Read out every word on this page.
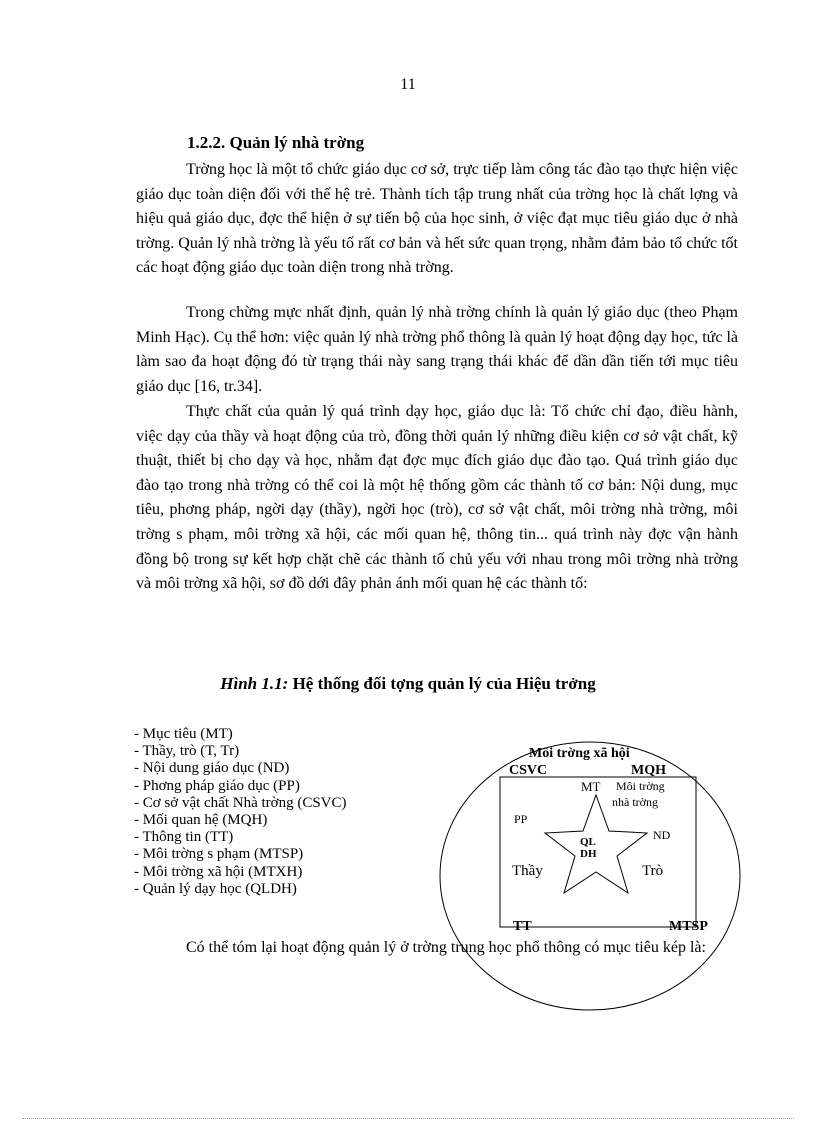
11
1.2.2. Quản lý nhà trờng

Trờng học là một tổ chức giáo dục cơ sở, trực tiếp làm công tác đào tạo thực hiện việc giáo dục toàn diện đối với thế hệ trẻ. Thành tích tập trung nhất của trờng học là chất lợng và hiệu quả giáo dục, đợc thể hiện ở sự tiến bộ của học sinh, ở việc đạt mục tiêu giáo dục ở nhà trờng. Quản lý nhà trờng là yếu tố rất cơ bản và hết sức quan trọng, nhằm đảm bảo tổ chức tốt các hoạt động giáo dục toàn diện trong nhà trờng.

Trong chừng mực nhất định, quản lý nhà trờng chính là quản lý giáo dục (theo Phạm Minh Hạc). Cụ thể hơn: việc quản lý nhà trờng phổ thông là quản lý hoạt động dạy học, tức là làm sao đa hoạt động đó từ trạng thái này sang trạng thái khác để dần dần tiến tới mục tiêu giáo dục [16, tr.34].

Thực chất của quản lý quá trình dạy học, giáo dục là: Tổ chức chỉ đạo, điều hành, việc dạy của thầy và hoạt động của trò, đồng thời quản lý những điều kiện cơ sở vật chất, kỹ thuật, thiết bị cho dạy và học, nhằm đạt đợc mục đích giáo dục đào tạo. Quá trình giáo dục đào tạo trong nhà trờng có thể coi là một hệ thống gồm các thành tố cơ bản: Nội dung, mục tiêu, phơng pháp, ngời dạy (thầy), ngời học (trò), cơ sở vật chất, môi trờng nhà trờng, môi trờng s phạm, môi trờng xã hội, các mối quan hệ, thông tin... quá trình này đợc vận hành đồng bộ trong sự kết hợp chặt chẽ các thành tố chủ yếu với nhau trong môi trờng nhà trờng và môi trờng xã hội, sơ đồ dới đây phản ánh mối quan hệ các thành tố:

Hình 1.1: Hệ thống đối tợng quản lý của Hiệu trởng
- Mục tiêu (MT)
- Thầy, trò (T, Tr)
- Nội dung giáo dục (ND)
- Phơng pháp giáo dục (PP)
- Cơ sở vật chất Nhà trờng (CSVC)
- Mối quan hệ (MQH)
- Thông tin (TT)
- Môi trờng s phạm (MTSP)
- Môi trờng xã hội (MTXH)
- Quản lý dạy học (QLDH)

Có thể tóm lại hoạt động quản lý ở trờng trung học phổ thông có mục tiêu kép là:

Môi trờng xã hội
CSVC	MQH
MT Môi trờng
nhà trờng
PP
ND
QL
DH
Thầy	Trò
TT	MTSP
